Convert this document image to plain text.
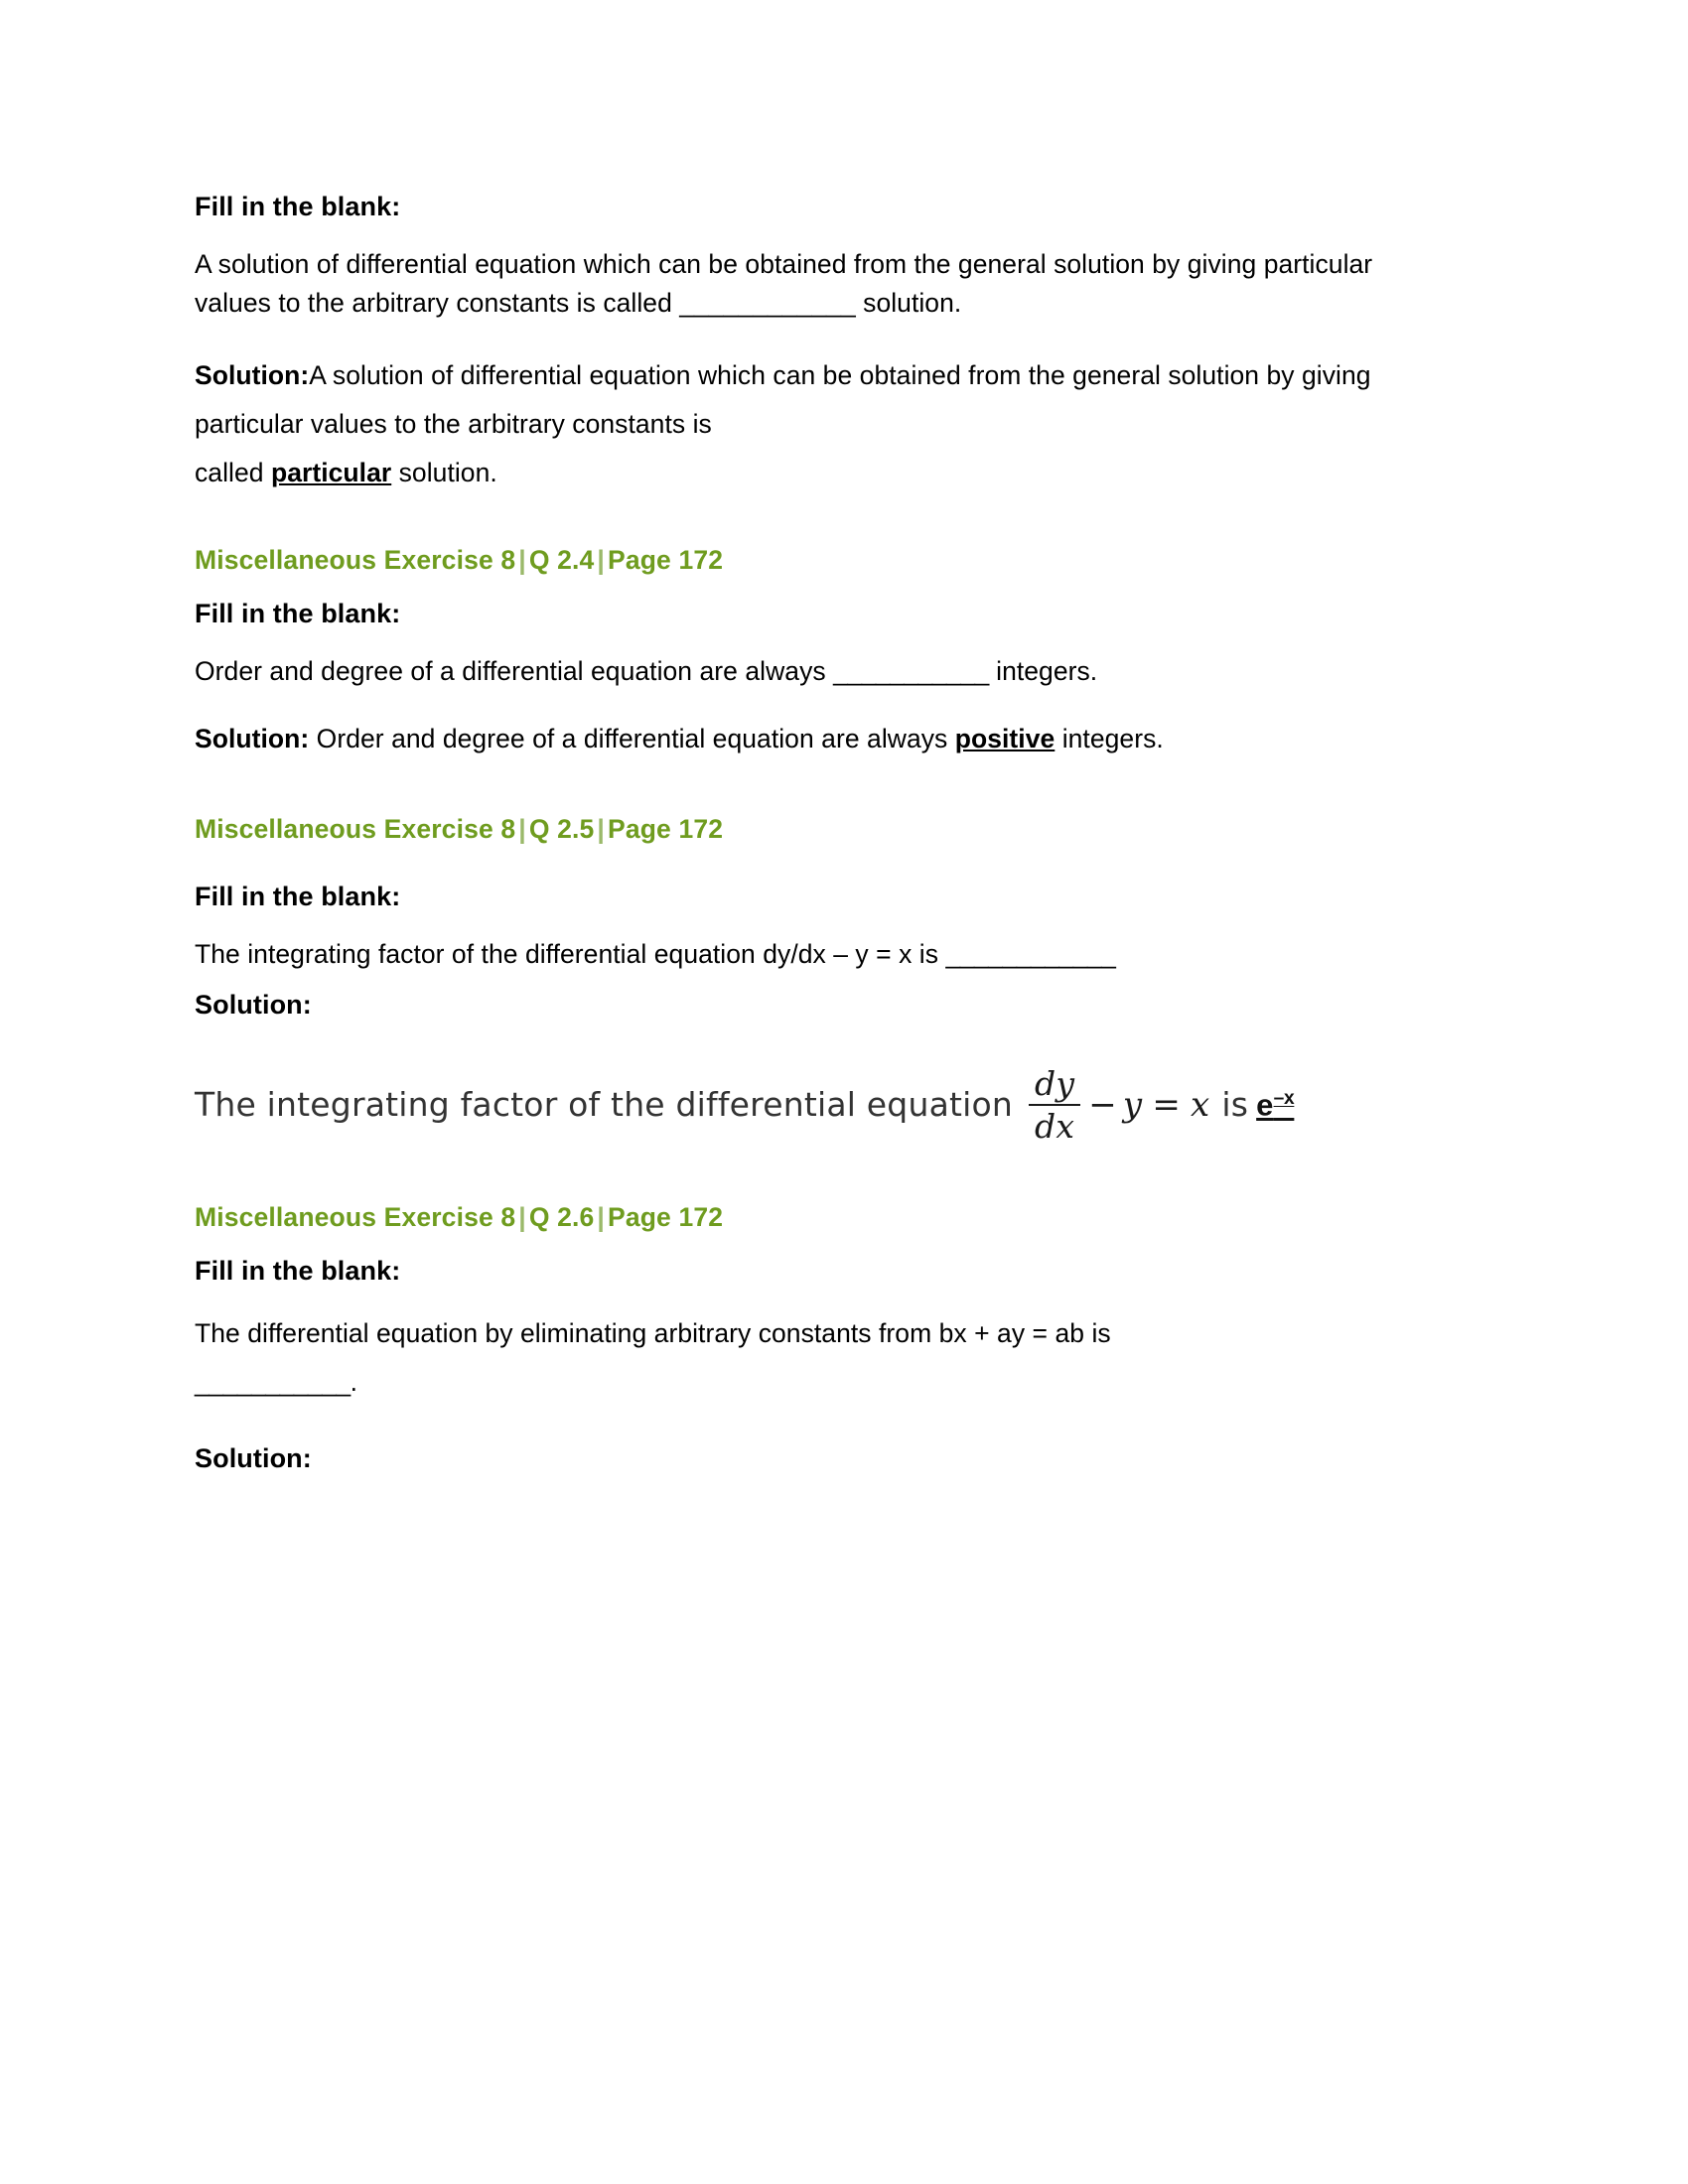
Fill in the blank:
A solution of differential equation which can be obtained from the general solution by giving particular values to the arbitrary constants is called ____________ solution.
Solution:A solution of differential equation which can be obtained from the general solution by giving particular values to the arbitrary constants is
called particular solution.
Miscellaneous Exercise 8 | Q 2.4 | Page 172
Fill in the blank:
Order and degree of a differential equation are always ___________ integers.
Solution: Order and degree of a differential equation are always positive integers.
Miscellaneous Exercise 8 | Q 2.5 | Page 172
Fill in the blank:
The integrating factor of the differential equation dy/dx – y = x is ____________
Solution:
The integrating factor of the differential equation $\frac{dy}{dx} - y = x$ is $e^{-x}$
Miscellaneous Exercise 8 | Q 2.6 | Page 172
Fill in the blank:
The differential equation by eliminating arbitrary constants from bx + ay = ab is
___________.
Solution:
